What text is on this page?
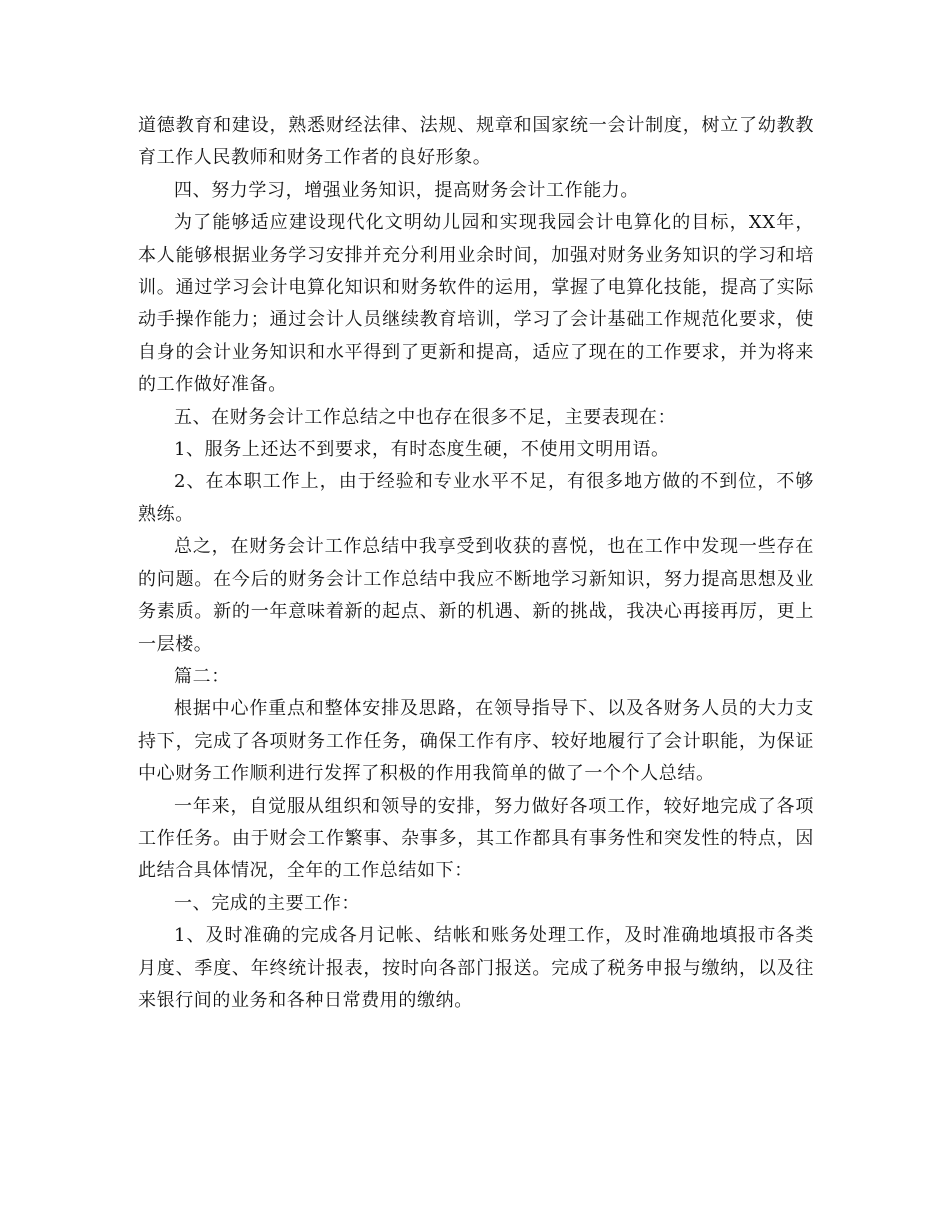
道德教育和建设，熟悉财经法律、法规、规章和国家统一会计制度，树立了幼教教育工作人民教师和财务工作者的良好形象。

四、努力学习，增强业务知识，提高财务会计工作能力。

为了能够适应建设现代化文明幼儿园和实现我园会计电算化的目标，XX年，本人能够根据业务学习安排并充分利用业余时间，加强对财务业务知识的学习和培训。通过学习会计电算化知识和财务软件的运用，掌握了电算化技能，提高了实际动手操作能力；通过会计人员继续教育培训，学习了会计基础工作规范化要求，使自身的会计业务知识和水平得到了更新和提高，适应了现在的工作要求，并为将来的工作做好准备。

五、在财务会计工作总结之中也存在很多不足，主要表现在：

1、服务上还达不到要求，有时态度生硬，不使用文明用语。

2、在本职工作上，由于经验和专业水平不足，有很多地方做的不到位，不够熟练。

总之，在财务会计工作总结中我享受到收获的喜悦，也在工作中发现一些存在的问题。在今后的财务会计工作总结中我应不断地学习新知识，努力提高思想及业务素质。新的一年意味着新的起点、新的机遇、新的挑战，我决心再接再厉，更上一层楼。

篇二：

根据中心作重点和整体安排及思路，在领导指导下、以及各财务人员的大力支持下，完成了各项财务工作任务，确保工作有序、较好地履行了会计职能，为保证中心财务工作顺利进行发挥了积极的作用我简单的做了一个个人总结。

一年来，自觉服从组织和领导的安排，努力做好各项工作，较好地完成了各项工作任务。由于财会工作繁事、杂事多，其工作都具有事务性和突发性的特点，因此结合具体情况，全年的工作总结如下：

一、完成的主要工作：

1、及时准确的完成各月记帐、结帐和账务处理工作，及时准确地填报市各类月度、季度、年终统计报表，按时向各部门报送。完成了税务申报与缴纳，以及往来银行间的业务和各种日常费用的缴纳。
